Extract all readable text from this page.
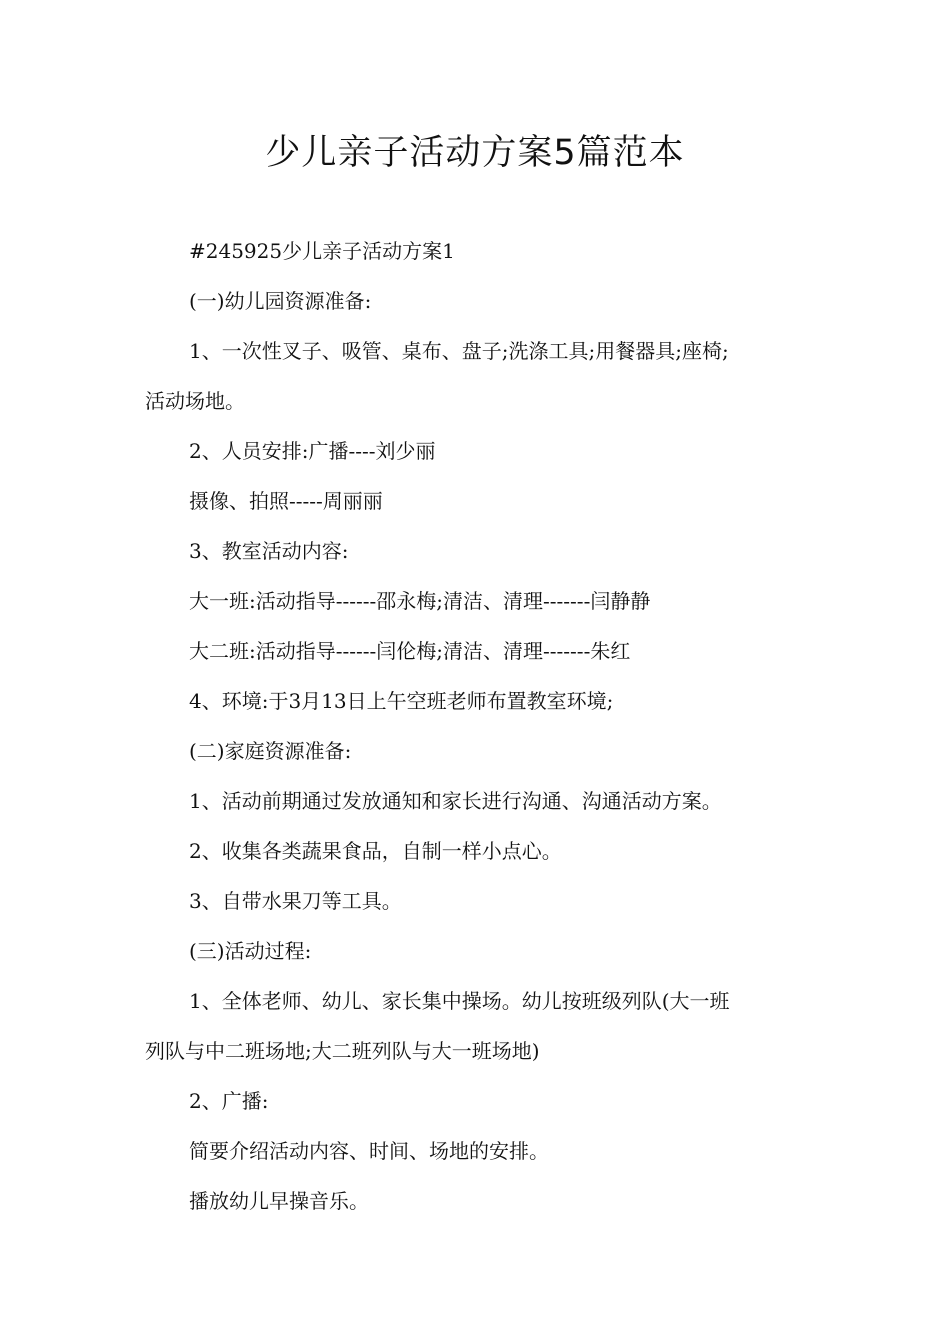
少儿亲子活动方案5篇范本

#245925少儿亲子活动方案1

(一)幼儿园资源准备:

1、一次性叉子、吸管、桌布、盘子;洗涤工具;用餐器具;座椅;

活动场地。

2、人员安排:广播----刘少丽

摄像、拍照-----周丽丽

3、教室活动内容:

大一班:活动指导------邵永梅;清洁、清理-------闫静静

大二班:活动指导------闫伦梅;清洁、清理-------朱红

4、环境:于3月13日上午空班老师布置教室环境;

(二)家庭资源准备:

1、活动前期通过发放通知和家长进行沟通、沟通活动方案。

2、收集各类蔬果食品，自制一样小点心。

3、自带水果刀等工具。

(三)活动过程:

1、全体老师、幼儿、家长集中操场。幼儿按班级列队(大一班

列队与中二班场地;大二班列队与大一班场地)

2、广播:

简要介绍活动内容、时间、场地的安排。

播放幼儿早操音乐。
